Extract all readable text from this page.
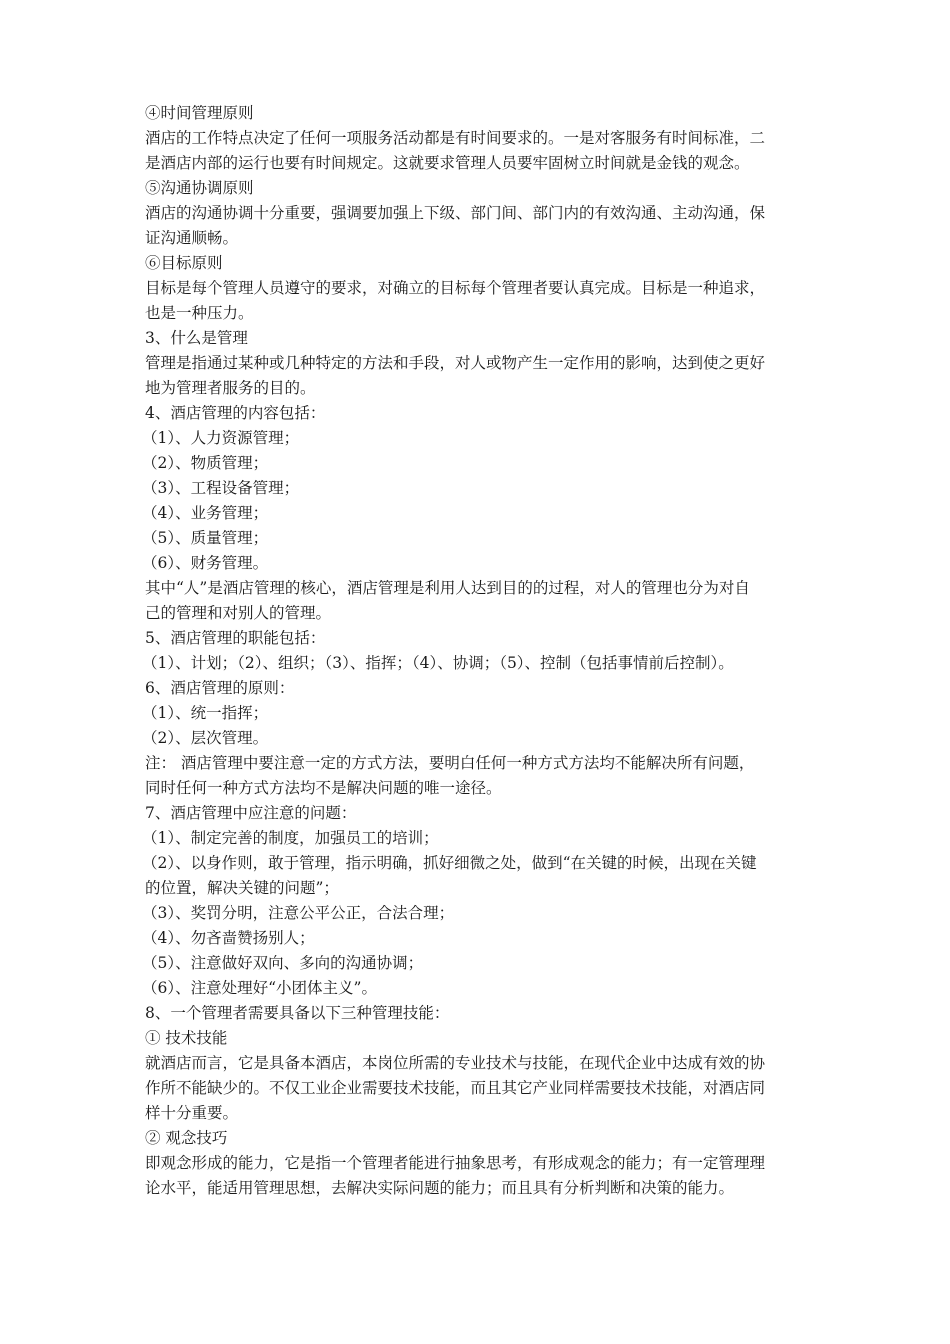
④时间管理原则
酒店的工作特点决定了任何一项服务活动都是有时间要求的。一是对客服务有时间标准，二
是酒店内部的运行也要有时间规定。这就要求管理人员要牢固树立时间就是金钱的观念。
⑤沟通协调原则
酒店的沟通协调十分重要，强调要加强上下级、部门间、部门内的有效沟通、主动沟通，保
证沟通顺畅。
⑥目标原则
目标是每个管理人员遵守的要求，对确立的目标每个管理者要认真完成。目标是一种追求，
也是一种压力。
3、什么是管理
管理是指通过某种或几种特定的方法和手段，对人或物产生一定作用的影响，达到使之更好
地为管理者服务的目的。
4、酒店管理的内容包括：
（1）、人力资源管理；
（2）、物质管理；
（3）、工程设备管理；
（4）、业务管理；
（5）、质量管理；
（6）、财务管理。
其中“人”是酒店管理的核心，酒店管理是利用人达到目的的过程，对人的管理也分为对自
己的管理和对别人的管理。
5、酒店管理的职能包括：
（1）、计划；（2）、组织；（3）、指挥；（4）、协调；（5）、控制（包括事情前后控制）。
6、酒店管理的原则：
（1）、统一指挥；
（2）、层次管理。
注： 酒店管理中要注意一定的方式方法，要明白任何一种方式方法均不能解决所有问题，
同时任何一种方式方法均不是解决问题的唯一途径。
7、酒店管理中应注意的问题：
（1）、制定完善的制度，加强员工的培训；
（2）、以身作则，敢于管理，指示明确，抓好细微之处，做到“在关键的时候，出现在关键
的位置，解决关键的问题”；
（3）、奖罚分明，注意公平公正，合法合理；
（4）、勿吝啬赞扬别人；
（5）、注意做好双向、多向的沟通协调；
（6）、注意处理好“小团体主义”。
8、一个管理者需要具备以下三种管理技能：
① 技术技能
就酒店而言，它是具备本酒店，本岗位所需的专业技术与技能，在现代企业中达成有效的协
作所不能缺少的。不仅工业企业需要技术技能，而且其它产业同样需要技术技能，对酒店同
样十分重要。
② 观念技巧
即观念形成的能力，它是指一个管理者能进行抽象思考，有形成观念的能力；有一定管理理
论水平，能适用管理思想，去解决实际问题的能力；而且具有分析判断和决策的能力。
